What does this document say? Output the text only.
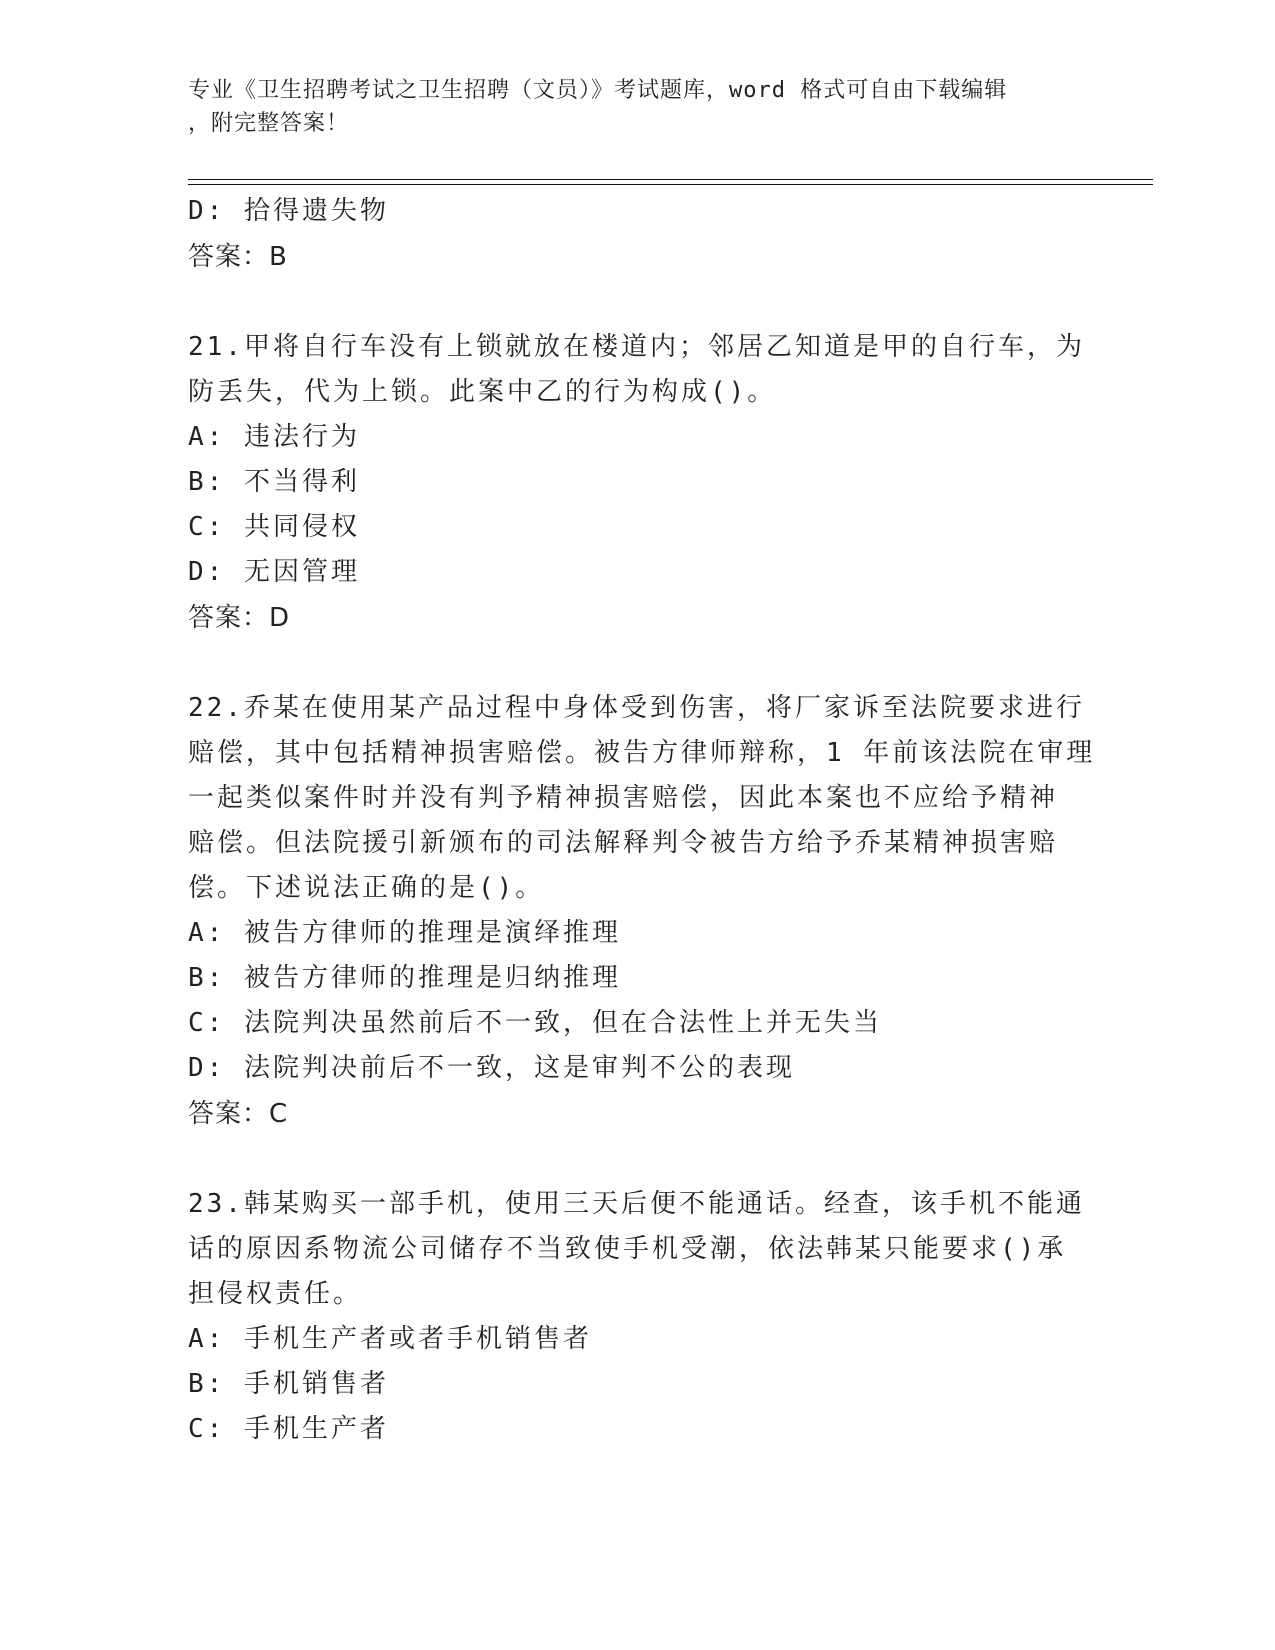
专业《卫生招聘考试之卫生招聘（文员）》考试题库，word 格式可自由下载编辑
，附完整答案！
D: 拾得遗失物
答案：B
21.甲将自行车没有上锁就放在楼道内；邻居乙知道是甲的自行车，为
防丢失，代为上锁。此案中乙的行为构成()。
A: 违法行为
B: 不当得利
C: 共同侵权
D: 无因管理
答案：D
22.乔某在使用某产品过程中身体受到伤害，将厂家诉至法院要求进行
赔偿，其中包括精神损害赔偿。被告方律师辩称，1 年前该法院在审理
一起类似案件时并没有判予精神损害赔偿，因此本案也不应给予精神
赔偿。但法院援引新颁布的司法解释判令被告方给予乔某精神损害赔
偿。下述说法正确的是()。
A: 被告方律师的推理是演绎推理
B: 被告方律师的推理是归纳推理
C: 法院判决虽然前后不一致，但在合法性上并无失当
D: 法院判决前后不一致，这是审判不公的表现
答案：C
23.韩某购买一部手机，使用三天后便不能通话。经查，该手机不能通
话的原因系物流公司储存不当致使手机受潮，依法韩某只能要求()承
担侵权责任。
A: 手机生产者或者手机销售者
B: 手机销售者
C: 手机生产者
